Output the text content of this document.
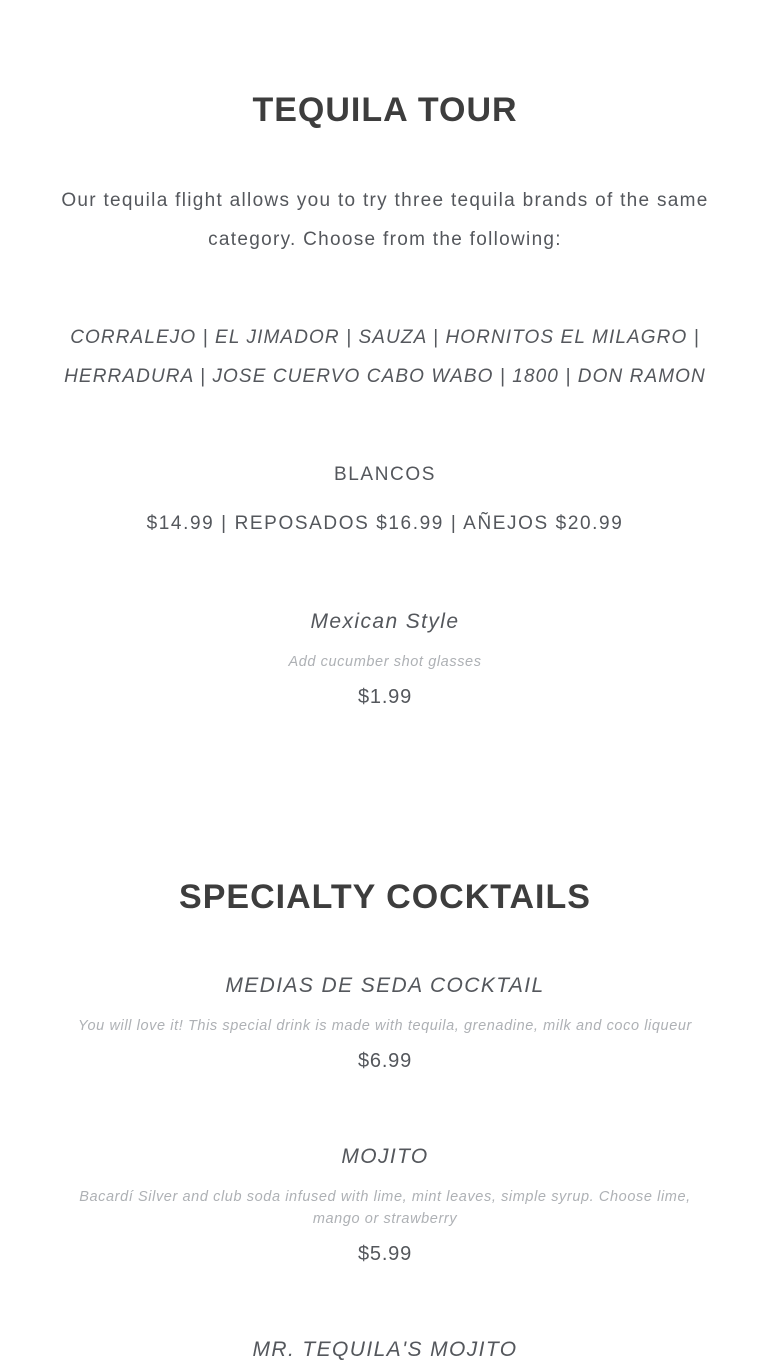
TEQUILA TOUR

Our tequila flight allows you to try three tequila brands of the same category. Choose from the following:

CORRALEJO | EL JIMADOR | SAUZA | HORNITOS EL MILAGRO | HERRADURA | JOSE CUERVO CABO WABO | 1800 | DON RAMON

BLANCOS
$14.99 | REPOSADOS $16.99 | AÑEJOS $20.99
Mexican Style
Add cucumber shot glasses
$1.99
SPECIALTY COCKTAILS
MEDIAS DE SEDA COCKTAIL
You will love it! This special drink is made with tequila, grenadine, milk and coco liqueur
$6.99
MOJITO
Bacardí Silver and club soda infused with lime, mint leaves, simple syrup. Choose lime, mango or strawberry
$5.99
MR. TEQUILA'S MOJITO
